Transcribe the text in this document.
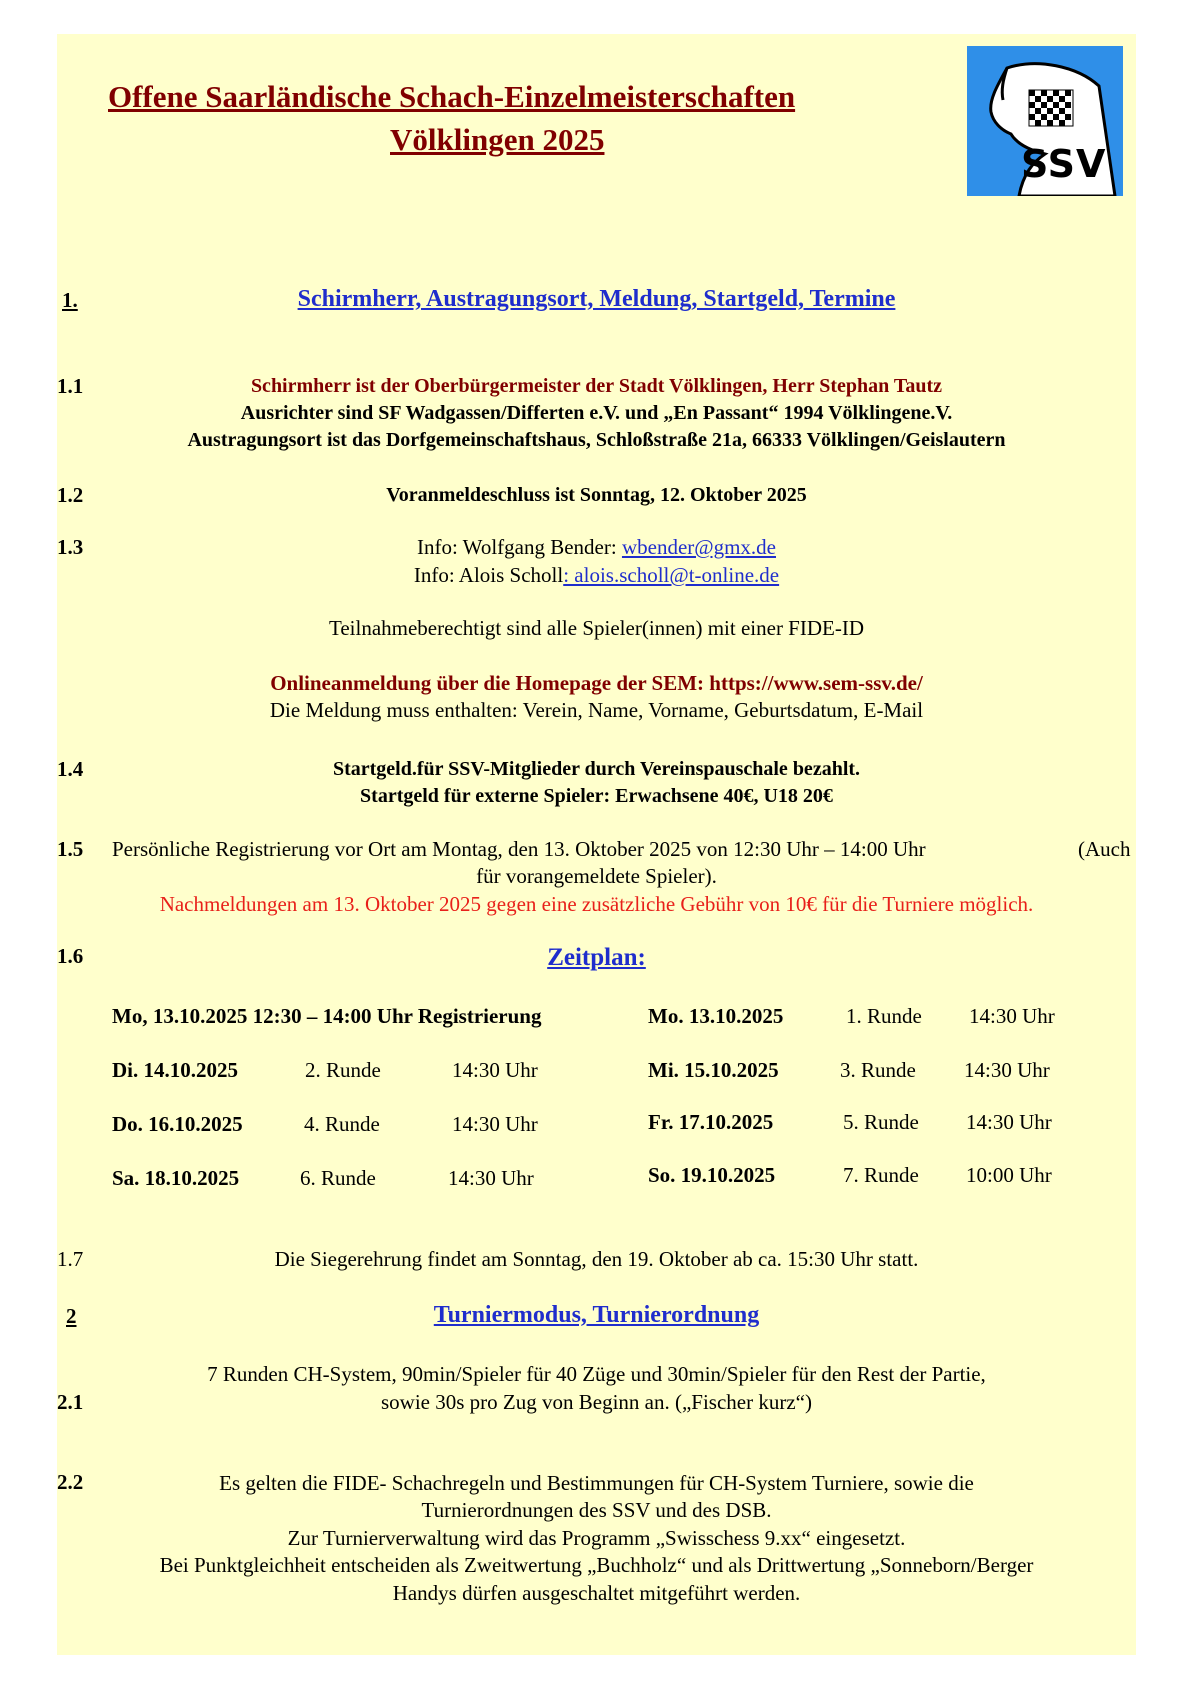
Offene Saarländische Schach-Einzelmeisterschaften
Völklingen 2025
SSV
1.	Schirmherr, Austragungsort, Meldung, Startgeld, Termine
1.1	Schirmherr ist der Oberbürgermeister der Stadt Völklingen, Herr Stephan Tautz
Ausrichter sind SF Wadgassen/Differten e.V. und „En Passant“ 1994 Völklingene.V.
Austragungsort ist das Dorfgemeinschaftshaus, Schloßstraße 21a, 66333 Völklingen/Geislautern
1.2	Voranmeldeschluss ist Sonntag, 12. Oktober 2025
1.3	Info: Wolfgang Bender: wbender@gmx.de
Info: Alois Scholl: alois.scholl@t-online.de
Teilnahmeberechtigt sind alle Spieler(innen) mit einer FIDE-ID
Onlineanmeldung über die Homepage der SEM: https://www.sem-ssv.de/
Die Meldung muss enthalten: Verein, Name, Vorname, Geburtsdatum, E-Mail
1.4	Startgeld.für SSV-Mitglieder durch Vereinspauschale bezahlt.
Startgeld für externe Spieler: Erwachsene 40€, U18 20€
1.5 Persönliche Registrierung vor Ort am Montag, den 13. Oktober 2025 von 12:30 Uhr – 14:00 Uhr	(Auch
für vorangemeldete Spieler).
Nachmeldungen am 13. Oktober 2025 gegen eine zusätzliche Gebühr von 10€ für die Turniere möglich.
1.6	Zeitplan:
Mo, 13.10.2025 12:30 – 14:00 Uhr Registrierung	Mo. 13.10.2025	1. Runde 14:30 Uhr
Di. 14.10.2025	2. Runde	14:30 Uhr	Mi. 15.10.2025	3. Runde 14:30 Uhr
Do. 16.10.2025	4. Runde	14:30 Uhr	Fr. 17.10.2025	5. Runde 14:30 Uhr
Sa. 18.10.2025	6. Runde	14:30 Uhr	So. 19.10.2025	7. Runde 10:00 Uhr
1.7	Die Siegerehrung findet am Sonntag, den 19. Oktober ab ca. 15:30 Uhr statt.
2	Turniermodus, Turnierordnung
7 Runden CH-System, 90min/Spieler für 40 Züge und 30min/Spieler für den Rest der Partie,
2.1	sowie 30s pro Zug von Beginn an. („Fischer kurz“)
2.2	Es gelten die FIDE- Schachregeln und Bestimmungen für CH-System Turniere, sowie die
Turnierordnungen des SSV und des DSB.
Zur Turnierverwaltung wird das Programm „Swisschess 9.xx“ eingesetzt.
Bei Punktgleichheit entscheiden als Zweitwertung „Buchholz“ und als Drittwertung „Sonneborn/Berger
Handys dürfen ausgeschaltet mitgeführt werden.
